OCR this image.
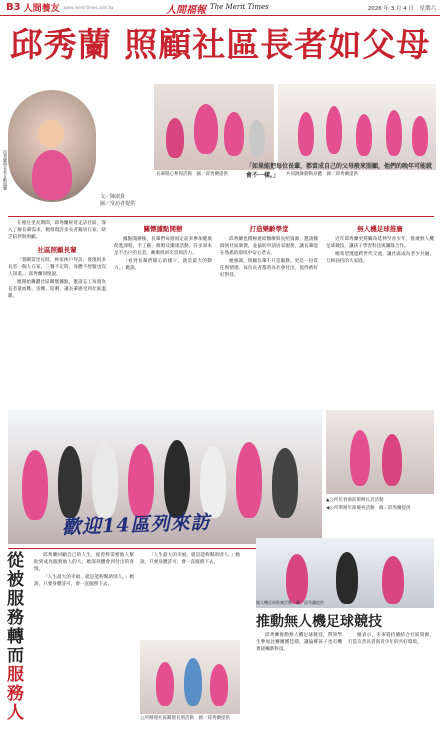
B3 人間養友 www.merit-times.com.tw	人間福報 The Merit Times	2026 年 3 月 4 日　星期六
邱秀蘭 照顧社區長者如父母
邱秀蘭與長者互動溫馨	長輩開心參與活動　圖／邱秀蘭提供	共同跳舞動動身體　圖／邱秀蘭提供
文／陳淑貴
圖／受訪者提供
「如果能把每位長輩，都當成自己的父母般來照顧，他們的晚年可能就會不一樣。」

在擔任里長期間，邱秀蘭經常走訪社區，深入了解長輩需求。她發現許多長者獨居在家，缺乏陪伴與照顧。

社區照顧長輩

「我剛當里長時，挨家挨戶拜訪，發現很多長者一個人在家，三餐不定時，身體不舒服也沒人知道。」邱秀蘭回憶說。

她開始籌劃社區關懷據點，邀請志工每週為長者量血壓、送餐、陪聊，讓長輩感受到社區溫暖。

關懷據點開辦

據點開辦後，長輩們每週固定前來參加健康促進課程、手工藝、歌唱及團康活動，許多原本足不出戶的長者，漸漸找回笑容與活力。

「看到長輩們開心的樣子，就是最大的動力。」她說。

打造樂齡學堂

邱秀蘭也積極連結醫療與長照資源，邀請醫師到社區衛教，並協助申請居家服務，讓長輩能在熟悉的環境中安心老去。

她強調，照顧長輩不只是服務，更是一份責任與情感，每位長者都曾為社會付出，值得被好好對待。

無人機足球推廣

近年邱秀蘭更將觸角延伸至青少年，推廣無人機足球競技，讓孩子學習科技與團隊合作。

她希望透過跨世代交流，讓社區成為老少共融、互相扶持的大家庭。

歡迎14區列來訪
▲公所於春節前舉辦長者活動
◀公所舉辦年節慶祝活動　圖／邱秀蘭提供
從被服務轉而服務人

邱秀蘭回顧自己的人生，從曾經需要他人幫助到成為服務他人的人，她深刻體會到付出的喜悅。

「人生最大的幸福，就是能夠幫助別人。」她說，只要身體許可，會一直服務下去。

「人生最大的幸福，就是能夠幫助別人。」她說，只要身體許可，會一直服務下去。

公所辦理社區關懷長照活動　圖／邱秀蘭提供
無人機足球推廣活動　圖／邱秀蘭提供
推動無人機足球競技

邱秀蘭推動無人機足球競技，帶領學生參加比賽屢獲佳績，讓偏鄉孩子也有機會接觸新科技。

她表示，未來將持續結合社區資源，打造友善長者與青少年的共好環境。
